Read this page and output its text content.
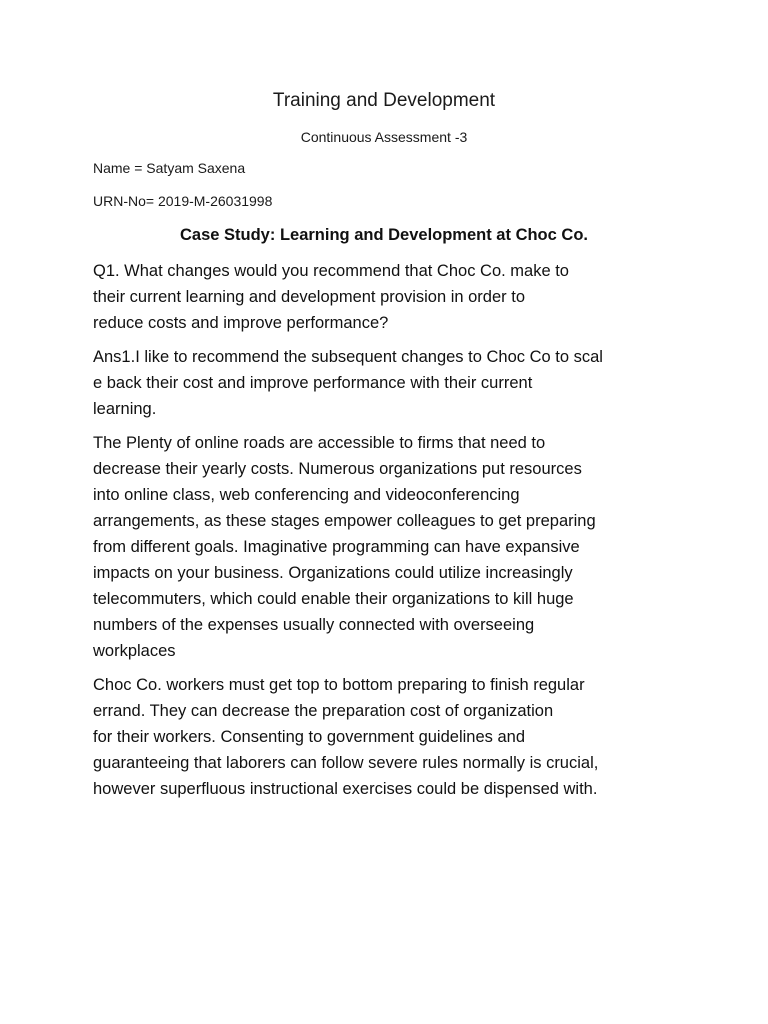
Training and Development
Continuous Assessment -3
Name = Satyam Saxena
URN-No= 2019-M-26031998
Case Study: Learning and Development at Choc Co.
Q1. What changes would you recommend that Choc Co. make to
their current learning and development provision in order to
reduce costs and improve performance?
Ans1.I like to recommend the subsequent changes to Choc Co to scal
e back their cost and improve performance with their current
learning.
The Plenty of online roads are accessible to firms that need to
decrease their yearly costs. Numerous organizations put resources
into online class, web conferencing and videoconferencing
arrangements, as these stages empower colleagues to get preparing
from different goals. Imaginative programming can have expansive
impacts on your business. Organizations could utilize increasingly
telecommuters, which could enable their organizations to kill huge
numbers of the expenses usually connected with overseeing
workplaces
Choc Co. workers must get top to bottom preparing to finish regular
errand. They can decrease the preparation cost of organization
for their workers. Consenting to government guidelines and
guaranteeing that laborers can follow severe rules normally is crucial,
however superfluous instructional exercises could be dispensed with.
